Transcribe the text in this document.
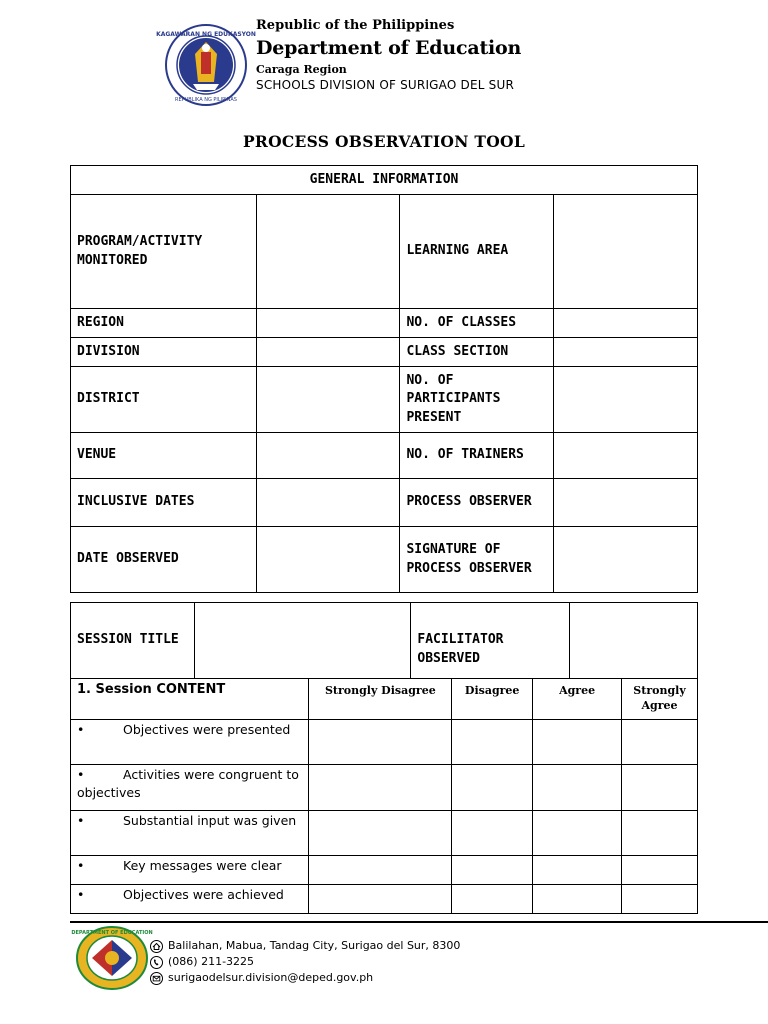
KAGAWARAN NG EDUKASYON
REPUBLIKA NG PILIPINAS
Republic of the Philippines
Department of Education
Caraga Region
SCHOOLS DIVISION OF SURIGAO DEL SUR
PROCESS OBSERVATION TOOL
GENERAL INFORMATION			
PROGRAM/ACTIVITY MONITORED		LEARNING AREA	
REGION		NO. OF CLASSES	
DIVISION		CLASS SECTION	
DISTRICT		NO. OF PARTICIPANTS PRESENT	
VENUE		NO. OF TRAINERS	
INCLUSIVE DATES		PROCESS OBSERVER	
DATE OBSERVED		SIGNATURE OF PROCESS OBSERVER	
SESSION TITLE		FACILITATOR OBSERVED	
1. Session CONTENT	Strongly Disagree	Disagree	Agree	Strongly Agree
• Objectives were presented				
• Activities were congruent to objectives				
• Substantial input was given				
• Key messages were clear				
• Objectives were achieved				
DEPARTMENT OF EDUCATION
Balilahan, Mabua, Tandag City, Surigao del Sur, 8300
(086) 211-3225
surigaodelsur.division@deped.gov.ph
